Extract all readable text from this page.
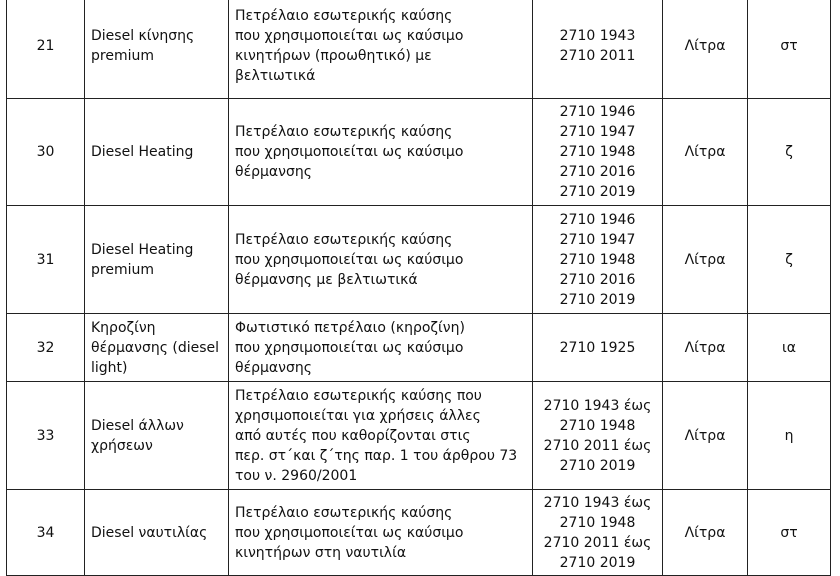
21	Diesel κίνησης
premium	Πετρέλαιο εσωτερικής καύσης
που χρησιμοποιείται ως καύσιμο
κινητήρων (προωθητικό) με
βελτιωτικά	2710 1943
2710 2011	Λίτρα	στ
30	Diesel Heating	Πετρέλαιο εσωτερικής καύσης
που χρησιμοποιείται ως καύσιμο
θέρμανσης	2710 1946
2710 1947
2710 1948
2710 2016
2710 2019	Λίτρα	ζ
31	Diesel Heating
premium	Πετρέλαιο εσωτερικής καύσης
που χρησιμοποιείται ως καύσιμο
θέρμανσης με βελτιωτικά	2710 1946
2710 1947
2710 1948
2710 2016
2710 2019	Λίτρα	ζ
32	Κηροζίνη
θέρμανσης (diesel
light)	Φωτιστικό πετρέλαιο (κηροζίνη)
που χρησιμοποιείται ως καύσιμο
θέρμανσης	2710 1925	Λίτρα	ια
33	Diesel άλλων
χρήσεων	Πετρέλαιο εσωτερικής καύσης που
χρησιμοποιείται για χρήσεις άλλες
από αυτές που καθορίζονται στις
περ. στ΄και ζ΄της παρ. 1 του άρθρου 73
του ν. 2960/2001	2710 1943 έως
2710 1948
2710 2011 έως
2710 2019	Λίτρα	η
34	Diesel ναυτιλίας	Πετρέλαιο εσωτερικής καύσης
που χρησιμοποιείται ως καύσιμο
κινητήρων στη ναυτιλία	2710 1943 έως
2710 1948
2710 2011 έως
2710 2019	Λίτρα	στ
